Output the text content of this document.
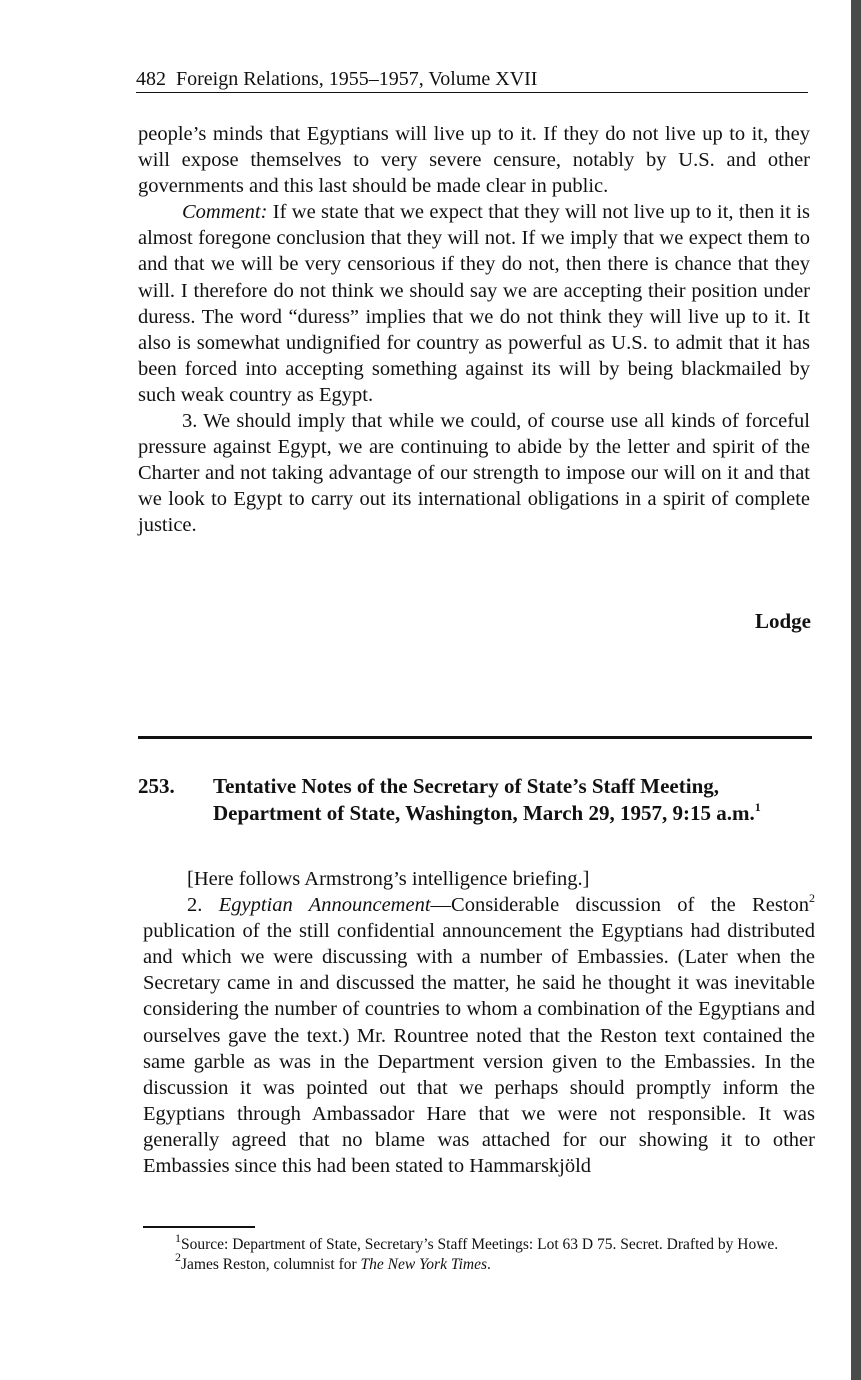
482 Foreign Relations, 1955–1957, Volume XVII

people’s minds that Egyptians will live up to it. If they do not live up to it, they will expose themselves to very severe censure, notably by U.S. and other governments and this last should be made clear in public.

Comment: If we state that we expect that they will not live up to it, then it is almost foregone conclusion that they will not. If we imply that we expect them to and that we will be very censorious if they do not, then there is chance that they will. I therefore do not think we should say we are accepting their position under duress. The word “duress” implies that we do not think they will live up to it. It also is somewhat undignified for country as powerful as U.S. to admit that it has been forced into accepting something against its will by being blackmailed by such weak country as Egypt.

3. We should imply that while we could, of course use all kinds of forceful pressure against Egypt, we are continuing to abide by the letter and spirit of the Charter and not taking advantage of our strength to impose our will on it and that we look to Egypt to carry out its international obligations in a spirit of complete justice.

Lodge
253. Tentative Notes of the Secretary of State’s Staff Meeting, Department of State, Washington, March 29, 1957, 9:15 a.m.$^1$

[Here follows Armstrong’s intelligence briefing.]

2. Egyptian Announcement—Considerable discussion of the Reston$^2$ publication of the still confidential announcement the Egyptians had distributed and which we were discussing with a number of Embassies. (Later when the Secretary came in and discussed the matter, he said he thought it was inevitable considering the number of countries to whom a combination of the Egyptians and ourselves gave the text.) Mr. Rountree noted that the Reston text contained the same garble as was in the Department version given to the Embassies. In the discussion it was pointed out that we perhaps should promptly inform the Egyptians through Ambassador Hare that we were not responsible. It was generally agreed that no blame was attached for our showing it to other Embassies since this had been stated to Hammarskjöld

$^1$Source: Department of State, Secretary’s Staff Meetings: Lot 63 D 75. Secret. Drafted by Howe.

$^2$James Reston, columnist for The New York Times.
